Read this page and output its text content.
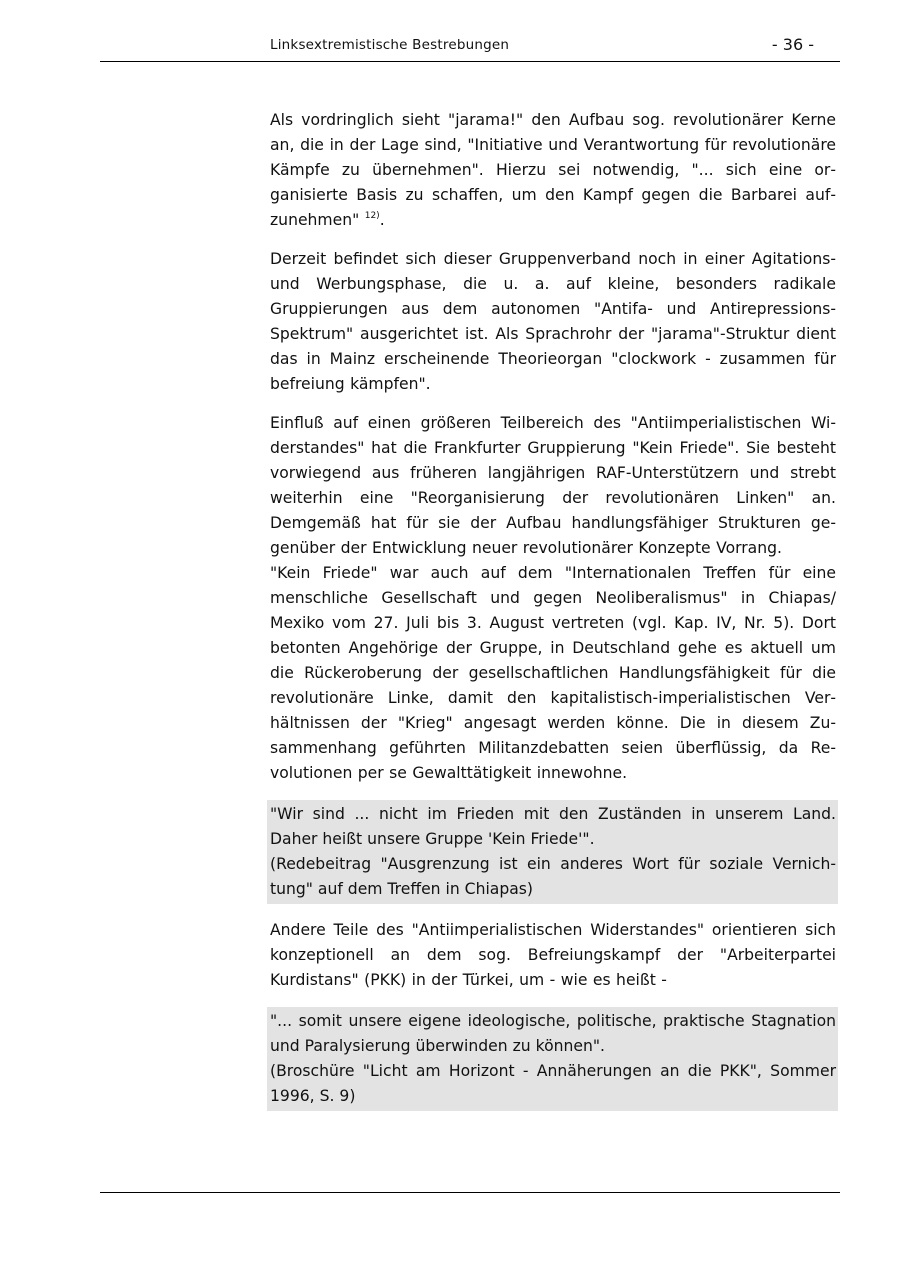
Linksextremistische Bestrebungen	- 36 -

Als vordringlich sieht "jarama!" den Aufbau sog. revolutionärer Kerne an, die in der Lage sind, "Initiative und Verantwortung für revolutionäre Kämpfe zu übernehmen". Hierzu sei notwendig, "... sich eine organisierte Basis zu schaffen, um den Kampf gegen die Barbarei aufzunehmen" $^{12)}$.

Derzeit befindet sich dieser Gruppenverband noch in einer Agitations- und Werbungsphase, die u. a. auf kleine, besonders radikale Gruppierungen aus dem autonomen "Antifa- und Antirepressions-Spektrum" ausgerichtet ist. Als Sprachrohr der "jarama"-Struktur dient das in Mainz erscheinende Theorieorgan "clockwork - zusammen für befreiung kämpfen".

Einfluß auf einen größeren Teilbereich des "Antiimperialistischen Widerstandes" hat die Frankfurter Gruppierung "Kein Friede". Sie besteht vorwiegend aus früheren langjährigen RAF-Unterstützern und strebt weiterhin eine "Reorganisierung der revolutionären Linken" an. Demgemäß hat für sie der Aufbau handlungsfähiger Strukturen gegenüber der Entwicklung neuer revolutionärer Konzepte Vorrang.

"Kein Friede" war auch auf dem "Internationalen Treffen für eine menschliche Gesellschaft und gegen Neoliberalismus" in Chiapas/ Mexiko vom 27. Juli bis 3. August vertreten (vgl. Kap. IV, Nr. 5). Dort betonten Angehörige der Gruppe, in Deutschland gehe es aktuell um die Rückeroberung der gesellschaftlichen Handlungsfähigkeit für die revolutionäre Linke, damit den kapitalistisch-imperialistischen Verhältnissen der "Krieg" angesagt werden könne. Die in diesem Zusammenhang geführten Militanzdebatten seien überflüssig, da Revolutionen per se Gewalttätigkeit innewohne.

"Wir sind ... nicht im Frieden mit den Zuständen in unserem Land. Daher heißt unsere Gruppe 'Kein Friede'".
(Redebeitrag "Ausgrenzung ist ein anderes Wort für soziale Vernichtung" auf dem Treffen in Chiapas)

Andere Teile des "Antiimperialistischen Widerstandes" orientieren sich konzeptionell an dem sog. Befreiungskampf der "Arbeiterpartei Kurdistans" (PKK) in der Türkei, um - wie es heißt -

"... somit unsere eigene ideologische, politische, praktische Stagnation und Paralysierung überwinden zu können".
(Broschüre "Licht am Horizont - Annäherungen an die PKK", Sommer 1996, S. 9)
